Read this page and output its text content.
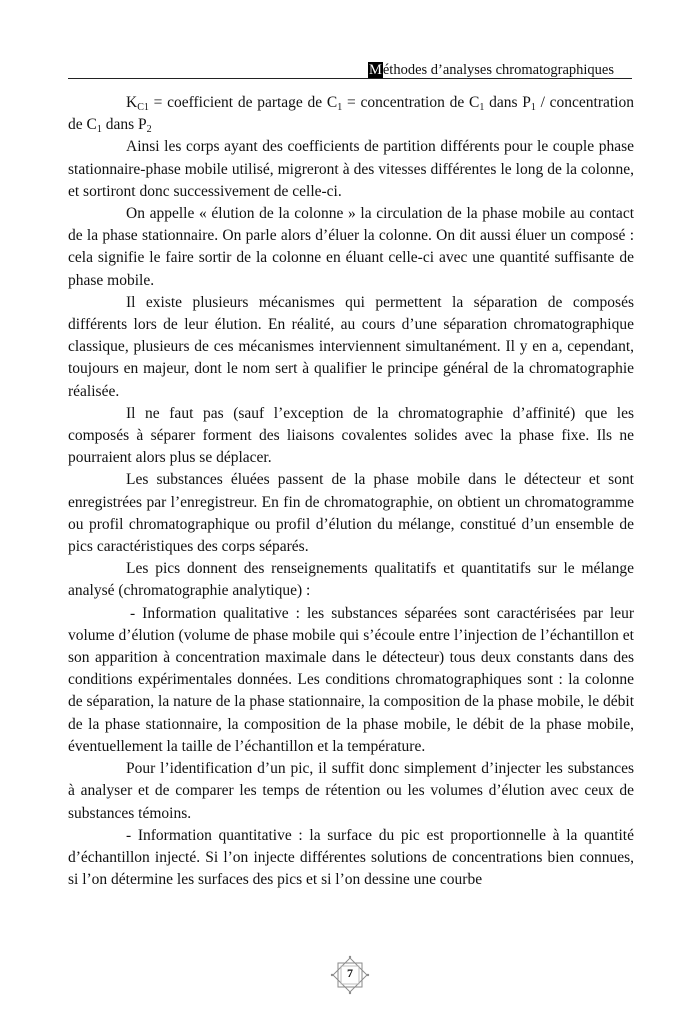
Méthodes d’analyses chromatographiques

$K_{C1}$ = coefficient de partage de $C_1$ = concentration de $C_1$ dans $P_1$ / concentration de $C_1$ dans $P_2$

Ainsi les corps ayant des coefficients de partition différents pour le couple phase stationnaire-phase mobile utilisé, migreront à des vitesses différentes le long de la colonne, et sortiront donc successivement de celle-ci.

On appelle « élution de la colonne » la circulation de la phase mobile au contact de la phase stationnaire. On parle alors d’éluer la colonne. On dit aussi éluer un composé : cela signifie le faire sortir de la colonne en éluant celle-ci avec une quantité suffisante de phase mobile.

Il existe plusieurs mécanismes qui permettent la séparation de composés différents lors de leur élution. En réalité, au cours d’une séparation chromatographique classique, plusieurs de ces mécanismes interviennent simultanément. Il y en a, cependant, toujours en majeur, dont le nom sert à qualifier le principe général de la chromatographie réalisée.

Il ne faut pas (sauf l’exception de la chromatographie d’affinité) que les composés à séparer forment des liaisons covalentes solides avec la phase fixe. Ils ne pourraient alors plus se déplacer.

Les substances éluées passent de la phase mobile dans le détecteur et sont enregistrées par l’enregistreur. En fin de chromatographie, on obtient un chromatogramme ou profil chromatographique ou profil d’élution du mélange, constitué d’un ensemble de pics caractéristiques des corps séparés.

Les pics donnent des renseignements qualitatifs et quantitatifs sur le mélange analysé (chromatographie analytique) :

- Information qualitative : les substances séparées sont caractérisées par leur volume d’élution (volume de phase mobile qui s’écoule entre l’injection de l’échantillon et son apparition à concentration maximale dans le détecteur) tous deux constants dans des conditions expérimentales données. Les conditions chromatographiques sont : la colonne de séparation, la nature de la phase stationnaire, la composition de la phase mobile, le débit de la phase stationnaire, la composition de la phase mobile, le débit de la phase mobile, éventuellement la taille de l’échantillon et la température.

Pour l’identification d’un pic, il suffit donc simplement d’injecter les substances à analyser et de comparer les temps de rétention ou les volumes d’élution avec ceux de substances témoins.

- Information quantitative : la surface du pic est proportionnelle à la quantité d’échantillon injecté. Si l’on injecte différentes solutions de concentrations bien connues, si l’on détermine les surfaces des pics et si l’on dessine une courbe

7
